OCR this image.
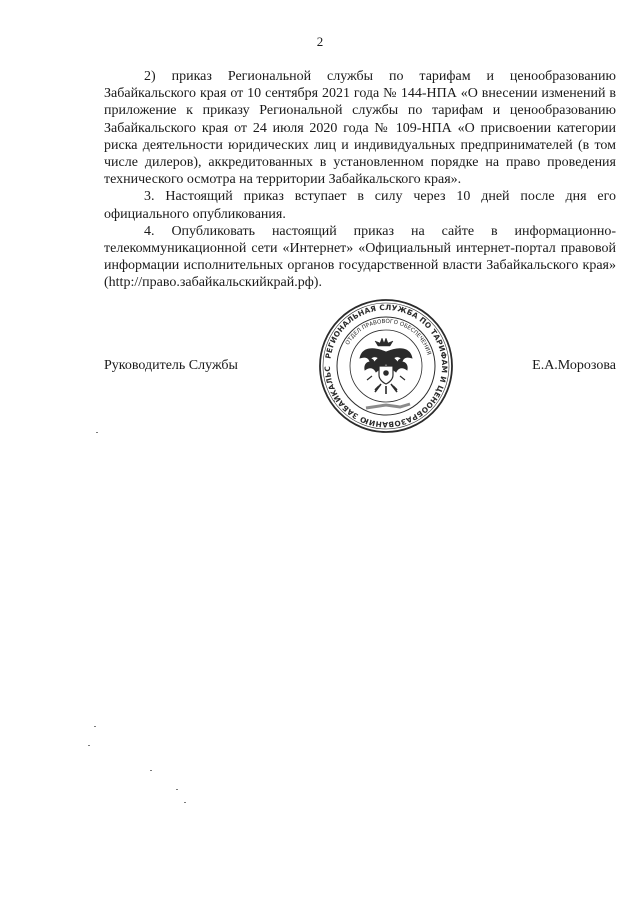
2

2) приказ Региональной службы по тарифам и ценообразованию Забайкальского края от 10 сентября 2021 года № 144-НПА «О внесении изменений в приложение к приказу Региональной службы по тарифам и ценообразованию Забайкальского края от 24 июля 2020 года № 109-НПА «О присвоении категории риска деятельности юридических лиц и индивидуальных предпринимателей (в том числе дилеров), аккредитованных в установленном порядке на право проведения технического осмотра на территории Забайкальского края».

3. Настоящий приказ вступает в силу через 10 дней после дня его официального опубликования.

4. Опубликовать настоящий приказ на сайте в информационно-телекоммуникационной сети «Интернет» «Официальный интернет-портал правовой информации исполнительных органов государственной власти Забайкальского края» (http://право.забайкальскийкрай.рф).

Руководитель Службы	Е.А.Морозова
РЕГИОНАЛЬНАЯ СЛУЖБА ПО ТАРИФАМ И ЦЕНООБРАЗОВАНИЮ ЗАБАЙКАЛЬС
ОТДЕЛ ПРАВОВОГО ОБЕСПЕЧЕНИЯ
